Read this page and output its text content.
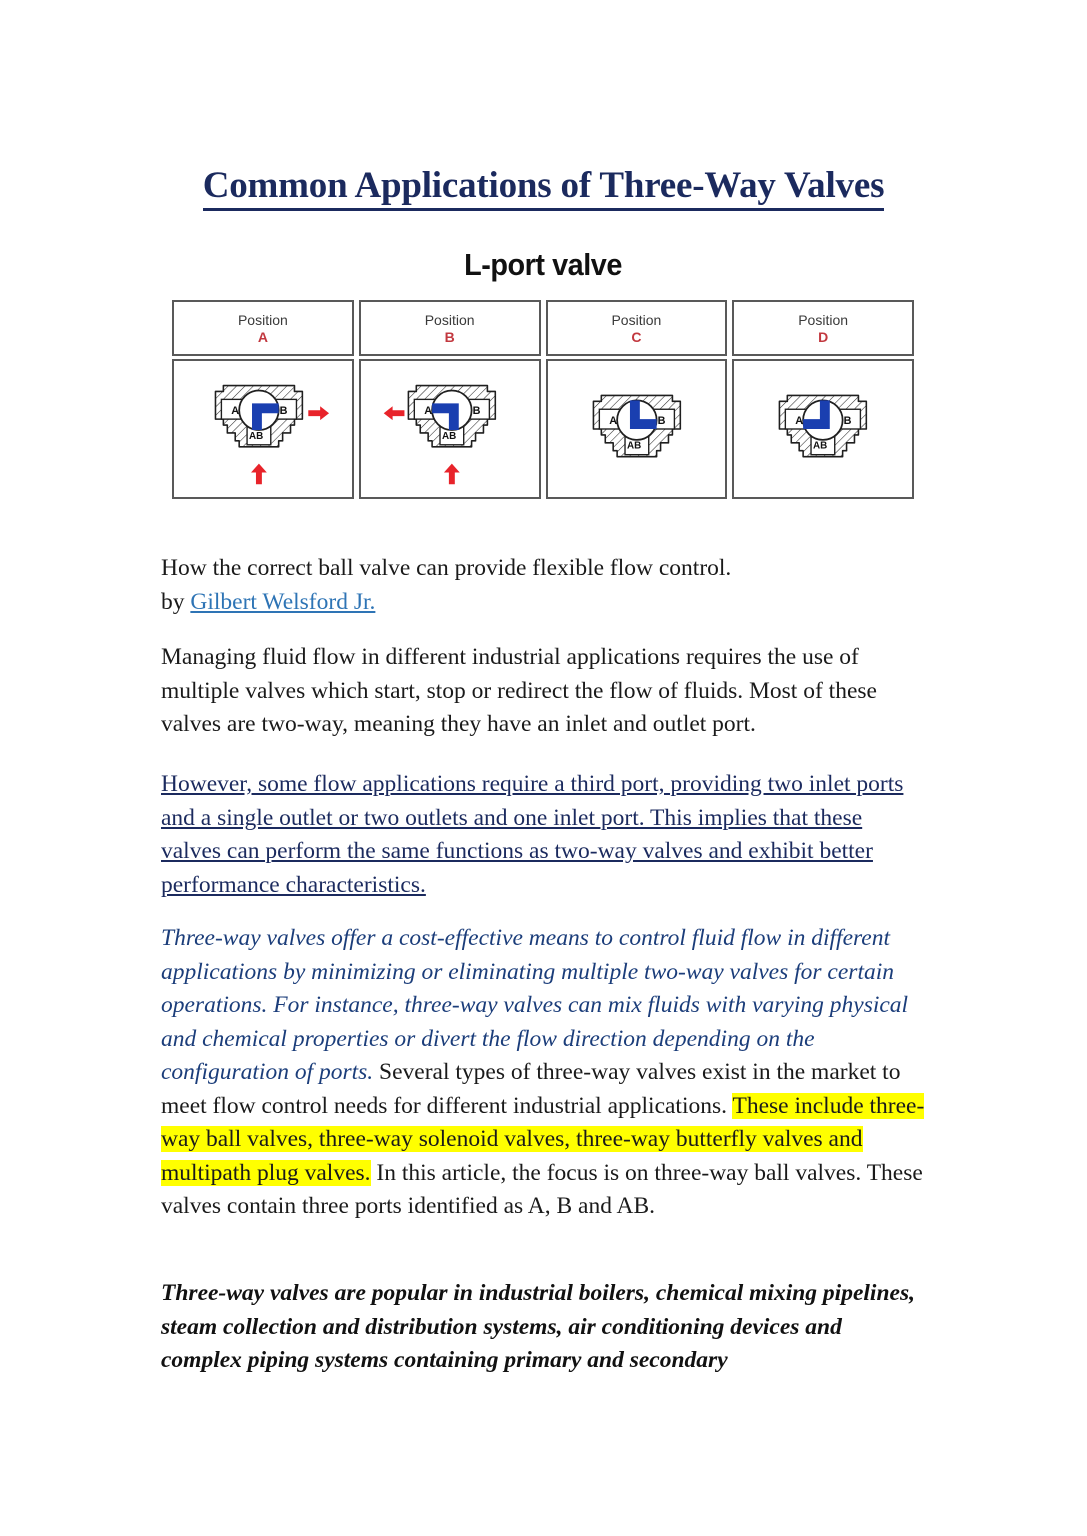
Common Applications of Three-Way Valves
L-port valve
Position
A
Position
B
Position
C
Position
D
A	B
AB
A	B
AB
A	B
AB
A	B
AB
How the correct ball valve can provide flexible flow control.
by Gilbert Welsford Jr.

Managing fluid flow in different industrial applications requires the use of multiple valves which start, stop or redirect the flow of fluids. Most of these valves are two-way, meaning they have an inlet and outlet port.

However, some flow applications require a third port, providing two inlet ports and a single outlet or two outlets and one inlet port. This implies that these valves can perform the same functions as two-way valves and exhibit better performance characteristics.

Three-way valves offer a cost-effective means to control fluid flow in different applications by minimizing or eliminating multiple two-way valves for certain operations. For instance, three-way valves can mix fluids with varying physical and chemical properties or divert the flow direction depending on the configuration of ports. Several types of three-way valves exist in the market to meet flow control needs for different industrial applications. These include three-way ball valves, three-way solenoid valves, three-way butterfly valves and multipath plug valves. In this article, the focus is on three-way ball valves. These valves contain three ports identified as A, B and AB.

Three-way valves are popular in industrial boilers, chemical mixing pipelines, steam collection and distribution systems, air conditioning devices and complex piping systems containing primary and secondary
